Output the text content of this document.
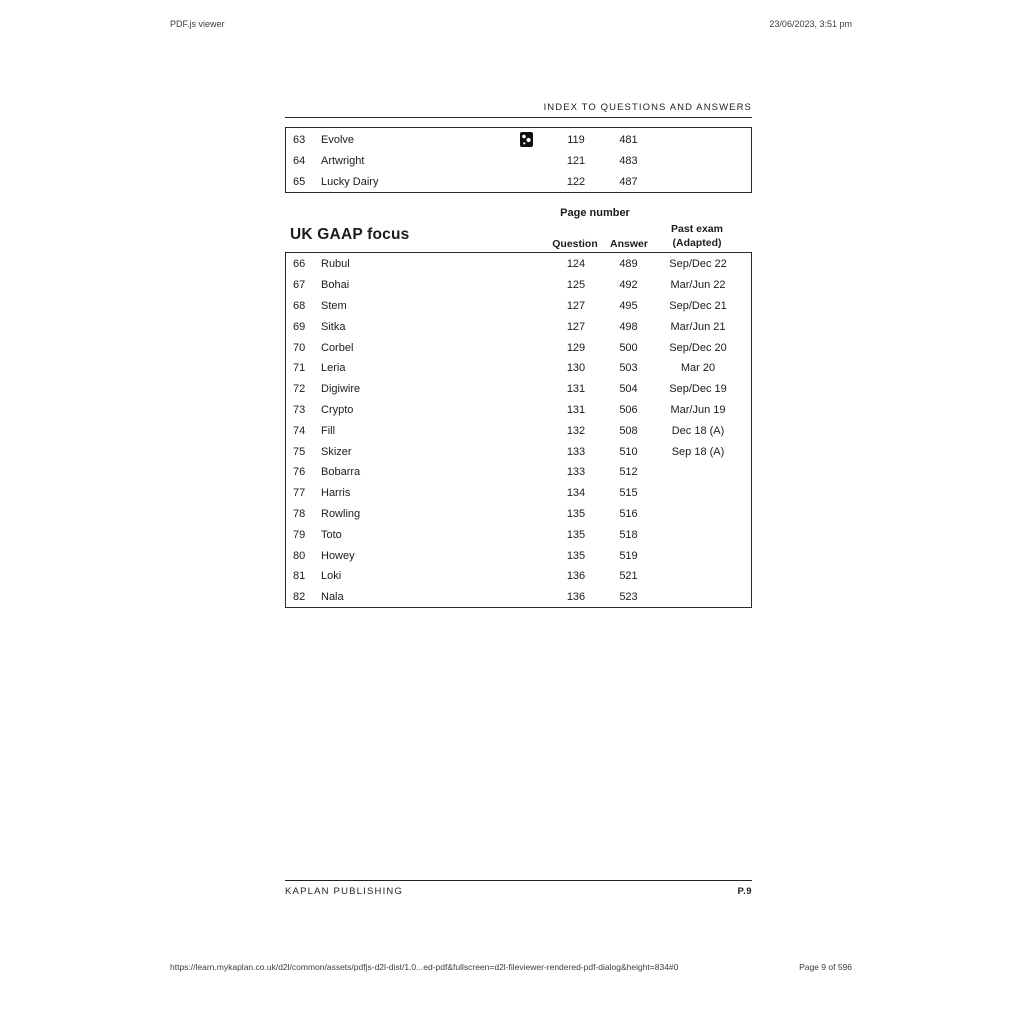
PDF.js viewer	23/06/2023, 3:51 pm
INDEX TO QUESTIONS AND ANSWERS
63	Evolve	119	481
64	Artwright	121	483
65	Lucky Dairy	122	487
Page number
UK GAAP focus
Question	Answer
Past exam
(Adapted)
66	Rubul	124	489	Sep/Dec 22
67	Bohai	125	492	Mar/Jun 22
68	Stem	127	495	Sep/Dec 21
69	Sitka	127	498	Mar/Jun 21
70	Corbel	129	500	Sep/Dec 20
71	Leria	130	503	Mar 20
72	Digiwire	131	504	Sep/Dec 19
73	Crypto	131	506	Mar/Jun 19
74	Fill	132	508	Dec 18 (A)
75	Skizer	133	510	Sep 18 (A)
76	Bobarra	133	512
77	Harris	134	515
78	Rowling	135	516
79	Toto	135	518
80	Howey	135	519
81	Loki	136	521
82	Nala	136	523
KAPLAN PUBLISHING	P.9
https://learn.mykaplan.co.uk/d2l/common/assets/pdfjs-d2l-dist/1.0...ed-pdf&fullscreen=d2l-fileviewer-rendered-pdf-dialog&height=834#0	Page 9 of 596
